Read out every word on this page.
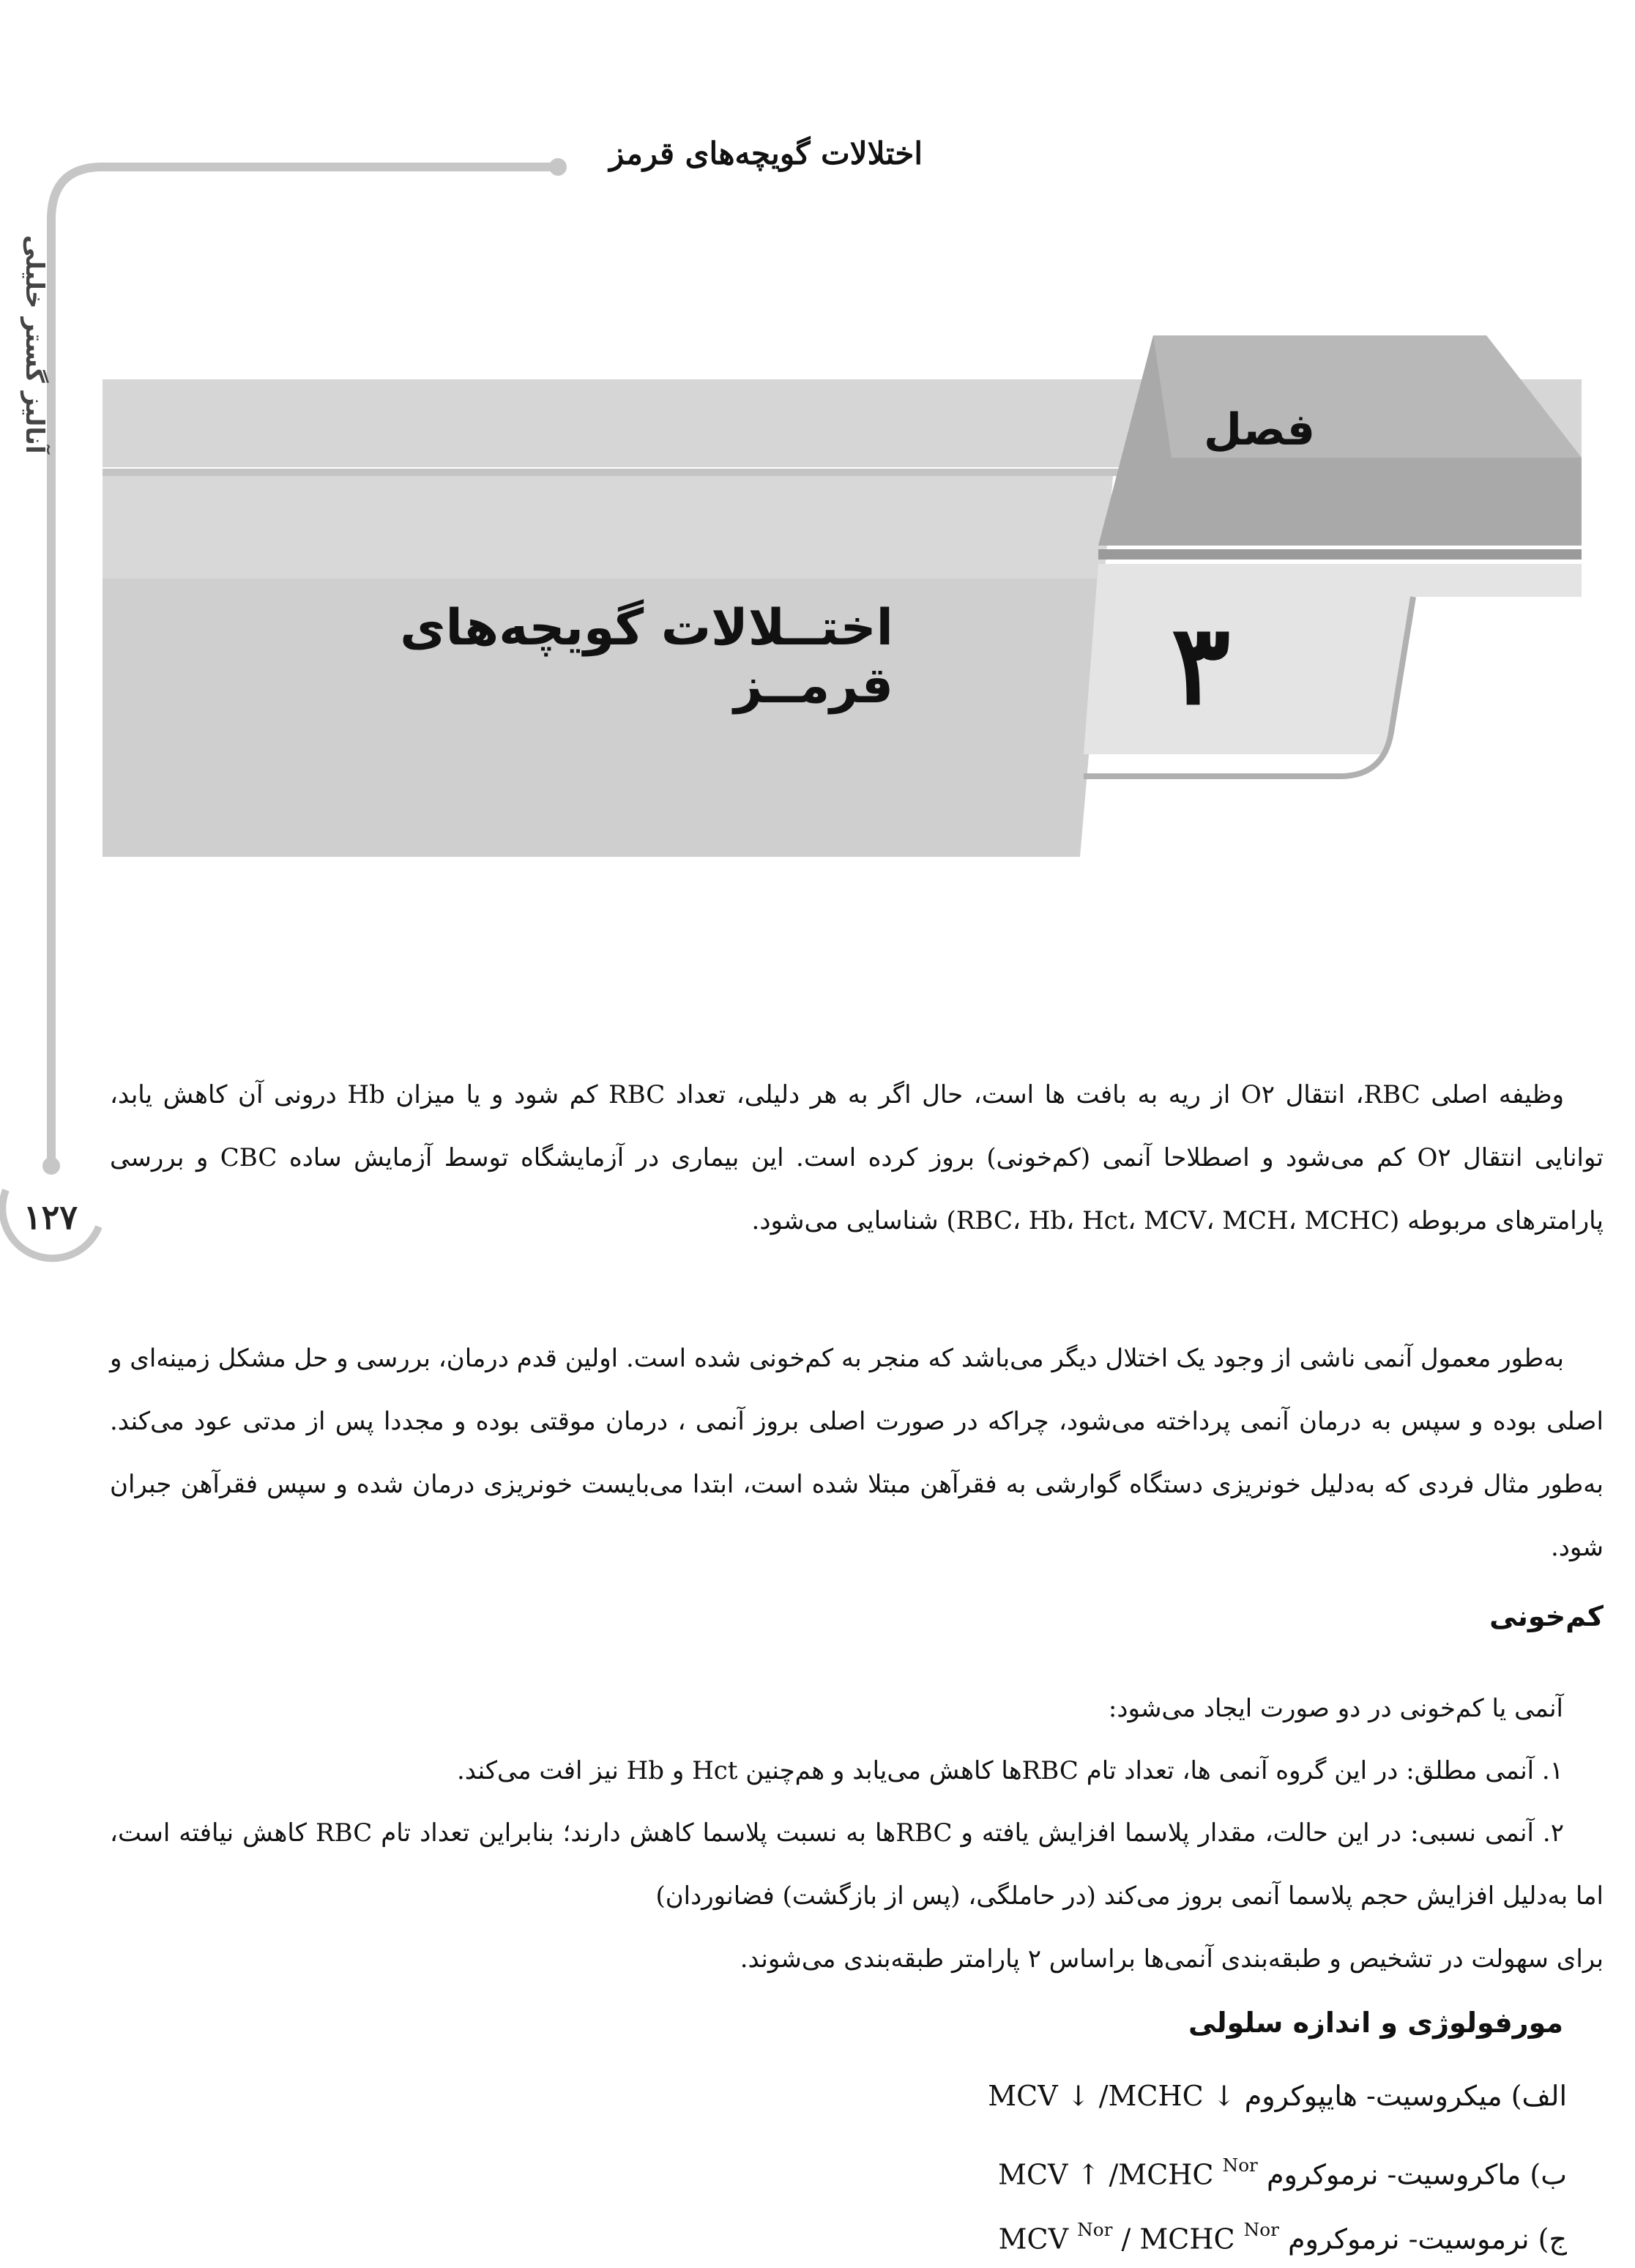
اختلالات گویچه‌های قرمز
آنالیز گستر خلیلی
۱۲۷
فصل
۳
اختــلالات گویچه‌های قرمــز

وظیفه اصلی RBC، انتقال O۲ از ریه به بافت ها است، حال اگر به هر دلیلی، تعداد RBC کم شود و یا میزان Hb درونی آن کاهش یابد، توانایی انتقال O۲ کم می‌شود و اصطلاحا آنمی (کم‌خونی) بروز کرده است. این بیماری در آزمایشگاه توسط آزمایش ساده CBC و بررسی پارامترهای مربوطه (RBC، Hb، Hct، MCV، MCH، MCHC) شناسایی می‌شود.

به‌طور معمول آنمی ناشی از وجود یک اختلال دیگر می‌باشد که منجر به کم‌خونی شده است. اولین قدم درمان، بررسی و حل مشکل زمینه‌ای و اصلی بوده و سپس به درمان آنمی پرداخته می‌شود، چراکه در صورت اصلی بروز آنمی ، درمان موقتی بوده و مجددا پس از مدتی عود می‌کند. به‌طور مثال فردی که به‌دلیل خونریزی دستگاه گوارشی به فقرآهن مبتلا شده است، ابتدا می‌بایست خونریزی درمان شده و سپس فقرآهن جبران شود.

کم‌خونی
آنمی یا کم‌خونی در دو صورت ایجاد می‌شود:
۱. آنمی مطلق: در این گروه آنمی ها، تعداد تام RBCها کاهش می‌یابد و هم‌چنین Hct و Hb نیز افت می‌کند.
۲. آنمی نسبی: در این حالت، مقدار پلاسما افزایش یافته و RBCها به نسبت پلاسما کاهش دارند؛ بنابراین تعداد تام RBC کاهش نیافته است، اما به‌دلیل افزایش حجم پلاسما آنمی بروز می‌کند (در حاملگی، (پس از بازگشت) فضانوردان)
برای سهولت در تشخیص و طبقه‌بندی آنمی‌ها براساس ۲ پارامتر طبقه‌بندی می‌شوند.
مورفولوژی و اندازه سلولی
الف) میکروسیت- هایپوکروم MCV ↓ /MCHC ↓
ب) ماکروسیت- نرموکروم MCV ↑ /MCHC $^{Nor}$
ج) نرموسیت- نرموکروم MCV $^{Nor}$ / MCHC $^{Nor}$
